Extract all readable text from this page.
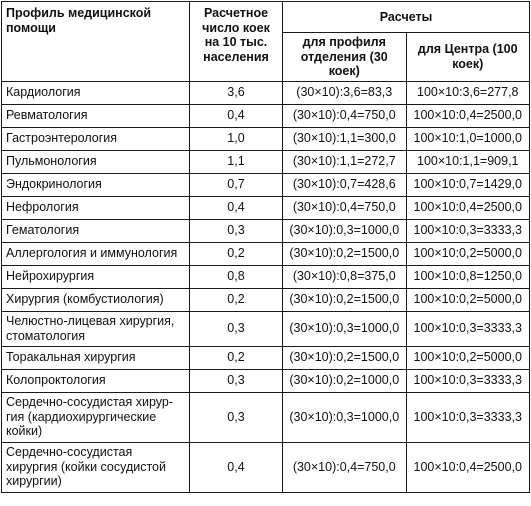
Профиль медицинской помощи	Расчетное число коек на 10 тыс. населения	Расчеты	
		для профиля отделения (30 коек)	для Центра (100 коек)
Кардиология	3,6	(30×10):3,6=83,3	100×10:3,6=277,8
Ревматология	0,4	(30×10):0,4=750,0	100×10:0,4=2500,0
Гастроэнтерология	1,0	(30×10):1,1=300,0	100×10:1,0=1000,0
Пульмонология	1,1	(30×10):1,1=272,7	100×10:1,1=909,1
Эндокринология	0,7	(30×10):0,7=428,6	100×10:0,7=1429,0
Нефрология	0,4	(30×10):0,4=750,0	100×10:0,4=2500,0
Гематология	0,3	(30×10):0,3=1000,0	100×10:0,3=3333,3
Аллергология и иммунология	0,2	(30×10):0,2=1500,0	100×10:0,2=5000,0
Нейрохирургия	0,8	(30×10):0,8=375,0	100×10:0,8=1250,0
Хирургия (комбустиология)	0,2	(30×10):0,2=1500,0	100×10:0,2=5000,0
Челюстно-лицевая хирургия, стоматология	0,3	(30×10):0,3=1000,0	100×10:0,3=3333,3
Торакальная хирургия	0,2	(30×10):0,2=1500,0	100×10:0,2=5000,0
Колопроктология	0,3	(30×10):0,2=1000,0	100×10:0,3=3333,3
Сердечно-сосудистая хирургия (кардиохирургические койки)	0,3	(30×10):0,3=1000,0	100×10:0,3=3333,3
Сердечно-сосудистая хирургия (койки сосудистой хирургии)	0,4	(30×10):0,4=750,0	100×10:0,4=2500,0
